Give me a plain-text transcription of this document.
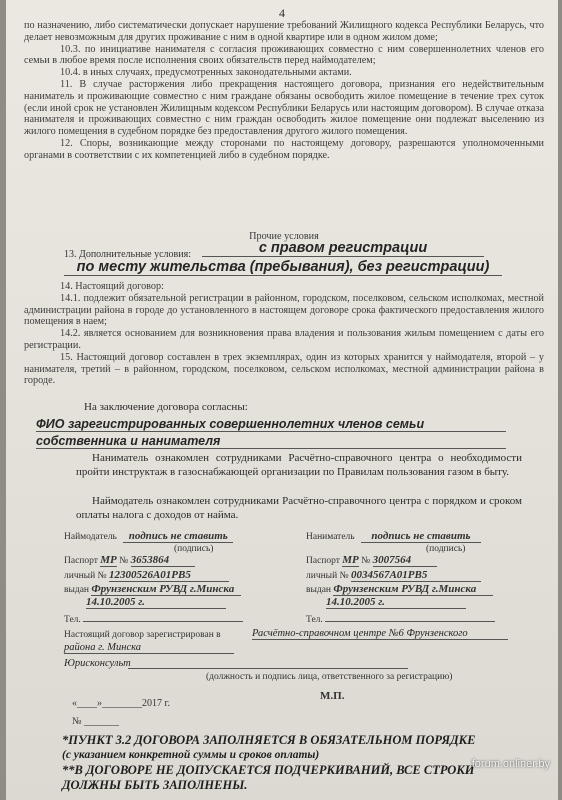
4

по назначению, либо систематически допускает нарушение требований Жилищного кодекса Республики Беларусь, что делает невозможным для других проживание с ним в одной квартире или в одном жилом доме;

10.3. по инициативе нанимателя с согласия проживающих совместно с ним совершеннолетних членов его семьи в любое время после исполнения своих обязательств перед наймодателем;

10.4. в иных случаях, предусмотренных законодательными актами.

11. В случае расторжения либо прекращения настоящего договора, признания его недействительным наниматель и проживающие совместно с ним граждане обязаны освободить жилое помещение в течение трех суток (если иной срок не установлен Жилищным кодексом Республики Беларусь или настоящим договором). В случае отказа нанимателя и проживающих совместно с ним граждан освободить жилое помещение они подлежат выселению из жилого помещения в судебном порядке без предоставления другого жилого помещения.

12. Споры, возникающие между сторонами по настоящему договору, разрешаются уполномоченными органами в соответствии с их компетенцией либо в судебном порядке.

Прочие условия

13. Дополнительные условия:	с правом регистрации
по месту жительства (пребывания), без регистрации)

14. Настоящий договор:

14.1. подлежит обязательной регистрации в районном, городском, поселковом, сельском исполкомах, местной администрации района в городе до установленного в настоящем договоре срока фактического предоставления жилого помещения в наем;

14.2. является основанием для возникновения права владения и пользования жилым помещением с даты его регистрации.

15. Настоящий договор составлен в трех экземплярах, один из которых хранится у наймодателя, второй – у нанимателя, третий – в районном, городском, поселковом, сельском исполкомах, местной администрации района в городе.

На заключение договора согласны:
ФИО зарегистрированных совершеннолетних членов семьи
собственника и нанимателя
Наниматель ознакомлен сотрудниками Расчётно-справочного центра о необходимости пройти инструктаж в газоснабжающей организации по Правилам пользования газом в быту.
Наймодатель ознакомлен сотрудниками Расчётно-справочного центра с порядком и сроком оплаты налога с доходов от найма.
Наймодатель подпись не ставить
(подпись)
Паспорт МР № 3653864
личный № 12300526A01PB5
выдан Фрунзенским РУВД г.Минска
14.10.2005 г.
Тел.
Наниматель подпись не ставить
(подпись)
Паспорт МР № 3007564
личный № 0034567A01PB5
выдан Фрунзенским РУВД г.Минска
14.10.2005 г.
Тел.
Настоящий договор зарегистрирован в	Расчётно-справочном центре №6 Фрунзенского
района г. Минска
Юрисконсульт
(должность и подпись лица, ответственного за регистрацию)
«____»________2017 г.
М.П.
№ _______
*ПУНКТ 3.2 ДОГОВОРА ЗАПОЛНЯЕТСЯ В ОБЯЗАТЕЛЬНОМ ПОРЯДКЕ
(с указанием конкретной суммы и сроков оплаты)
**В ДОГОВОРЕ НЕ ДОПУСКАЕТСЯ ПОДЧЕРКИВАНИЙ, ВСЕ СТРОКИ
ДОЛЖНЫ БЫТЬ ЗАПОЛНЕНЫ.
forum.onliner.by
